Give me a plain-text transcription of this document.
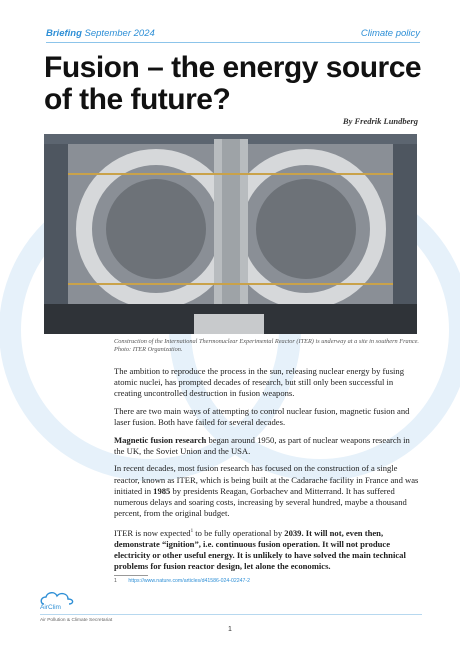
Briefing September 2024	Climate policy
Fusion – the energy source of the future?
By Fredrik Lundberg
Construction of the International Thermonuclear Experimental Reactor (ITER) is underway at a site in southern France. Photo: ITER Organization.

The ambition to reproduce the process in the sun, releasing nuclear energy by fusing atomic nuclei, has prompted decades of research, but still only been successful in creating uncontrolled destruction in fusion weapons.

There are two main ways of attempting to control nuclear fusion, magnetic fusion and laser fusion. Both have failed for several decades.

Magnetic fusion research began around 1950, as part of nuclear weapons research in the UK, the Soviet Union and the USA.

In recent decades, most fusion research has focused on the construction of a single reactor, known as ITER, which is being built at the Cadarache facility in France and was initiated in 1985 by presidents Reagan, Gorbachev and Mitterrand. It has suffered numerous delays and soaring costs, increasing by several hundred, maybe a thousand percent, from the original budget.

ITER is now expected$^1$ to be fully operational by 2039. It will not, even then, demonstrate “ignition”, i.e. continuous fusion operation. It will not produce electricity or other useful energy. It is unlikely to have solved the main technical problems for fusion reactor design, let alone the economics.

1 https://www.nature.com/articles/d41586-024-02247-2
AirClim
Air Pollution & Climate Secretariat
1
